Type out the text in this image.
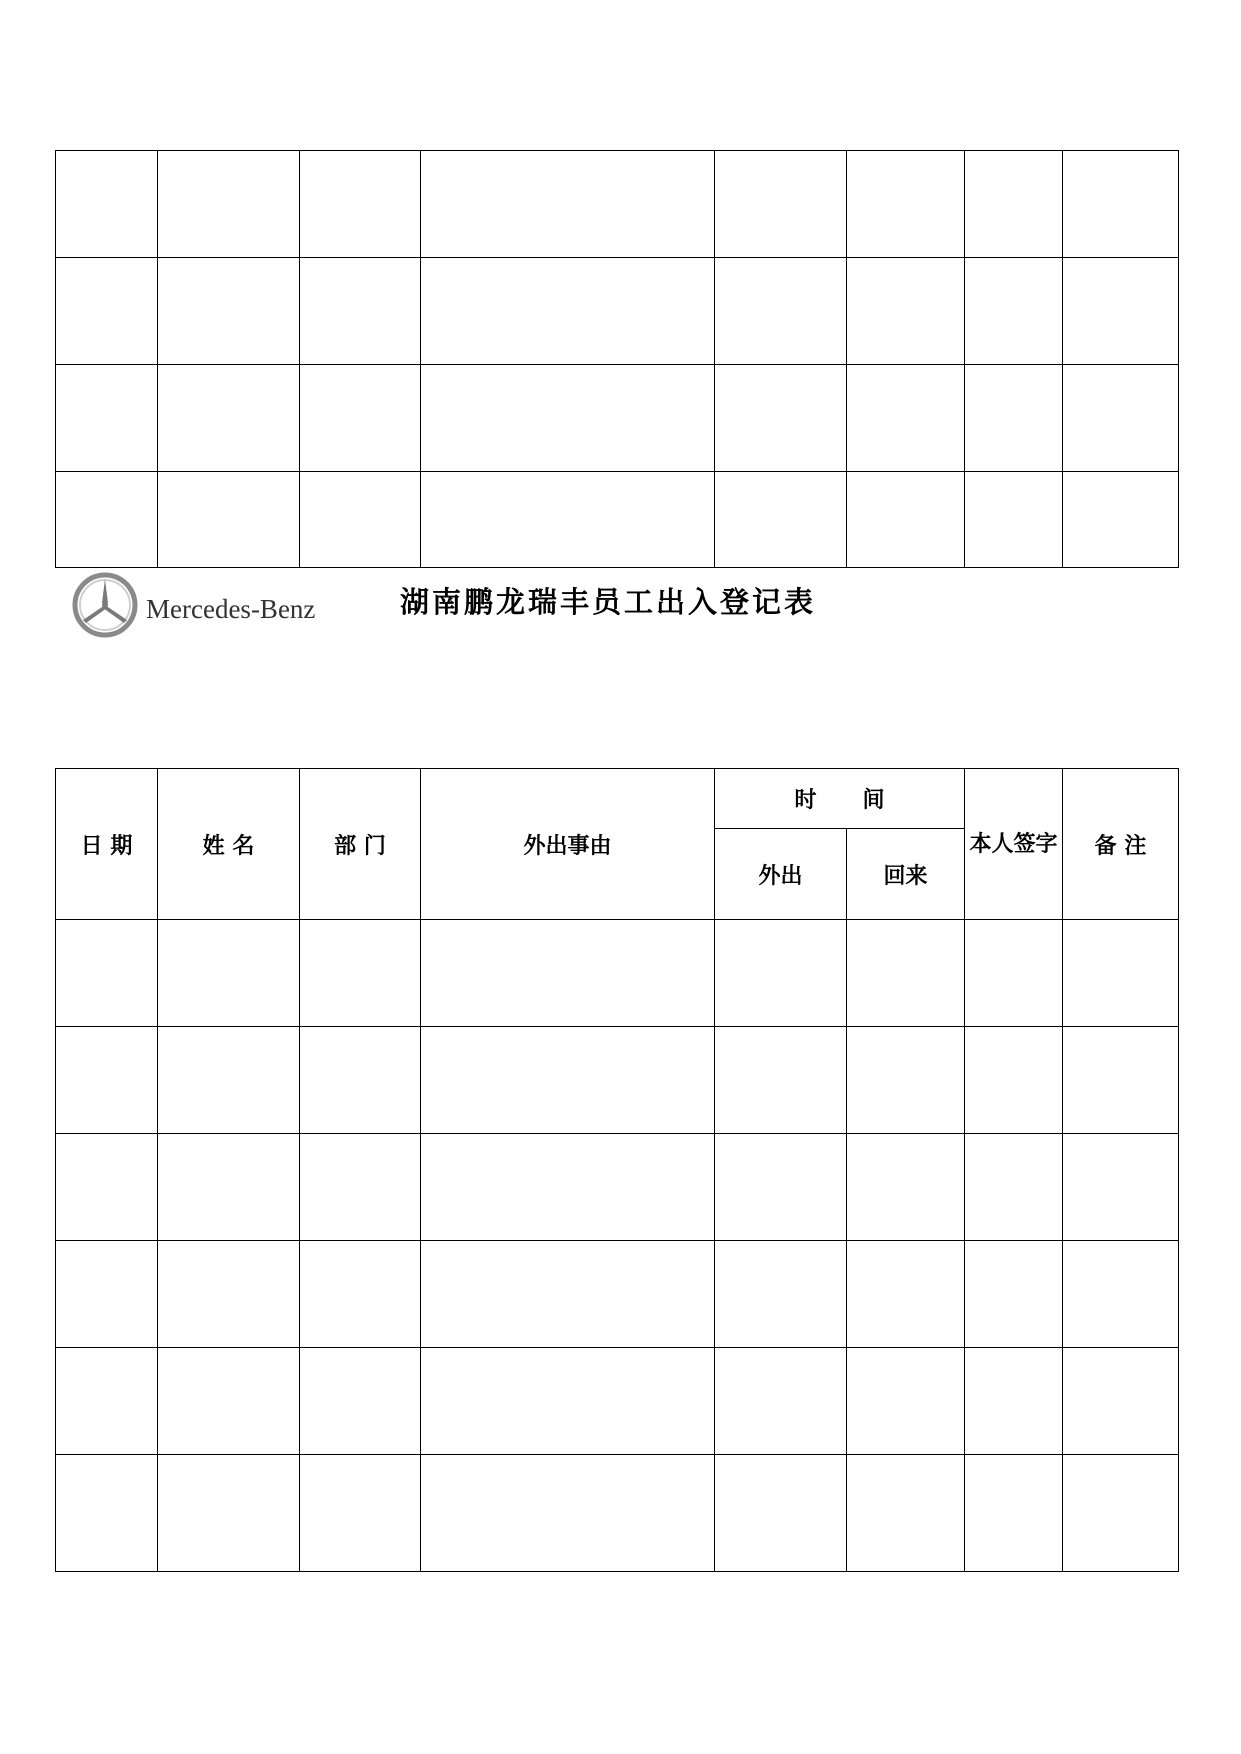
Mercedes-Benz	湖南鹏龙瑞丰员工出入登记表
日 期	姓 名	部 门	外出事由	时      间		本人签字	备 注
				外出	回来		
